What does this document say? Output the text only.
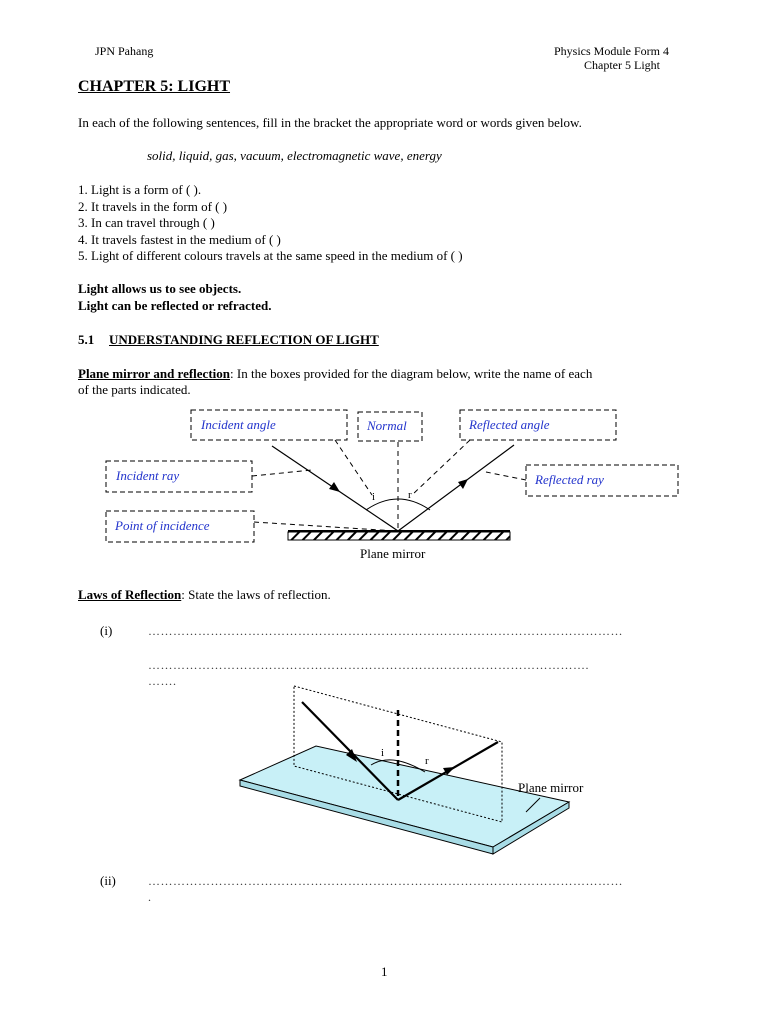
JPN Pahang	Physics Module Form 4
Chapter 5 Light
CHAPTER 5: LIGHT
In each of the following sentences, fill in the bracket the appropriate word or words given below.
solid, liquid, gas, vacuum, electromagnetic wave, energy
1. Light is a form of ( ).
2. It travels in the form of ( )
3. In can travel through ( )
4. It travels fastest in the medium of ( )
5. Light of different colours travels at the same speed in the medium of ( )
Light allows us to see objects.
Light can be reflected or refracted.
5.1 UNDERSTANDING REFLECTION OF LIGHT
Plane mirror and reflection: In the boxes provided for the diagram below, write the name of each
of the parts indicated.
i	r
Incident angle	Normal	Reflected angle
Incident ray	Reflected ray
Point of incidence
Plane mirror
Laws of Reflection: State the laws of reflection.
(i)	……………………………………………………………………………………………………
…………………………………………………………………………………………….
…….
i
r
Plane mirror
(ii)	……………………………………………………………………………………………………
.
1
